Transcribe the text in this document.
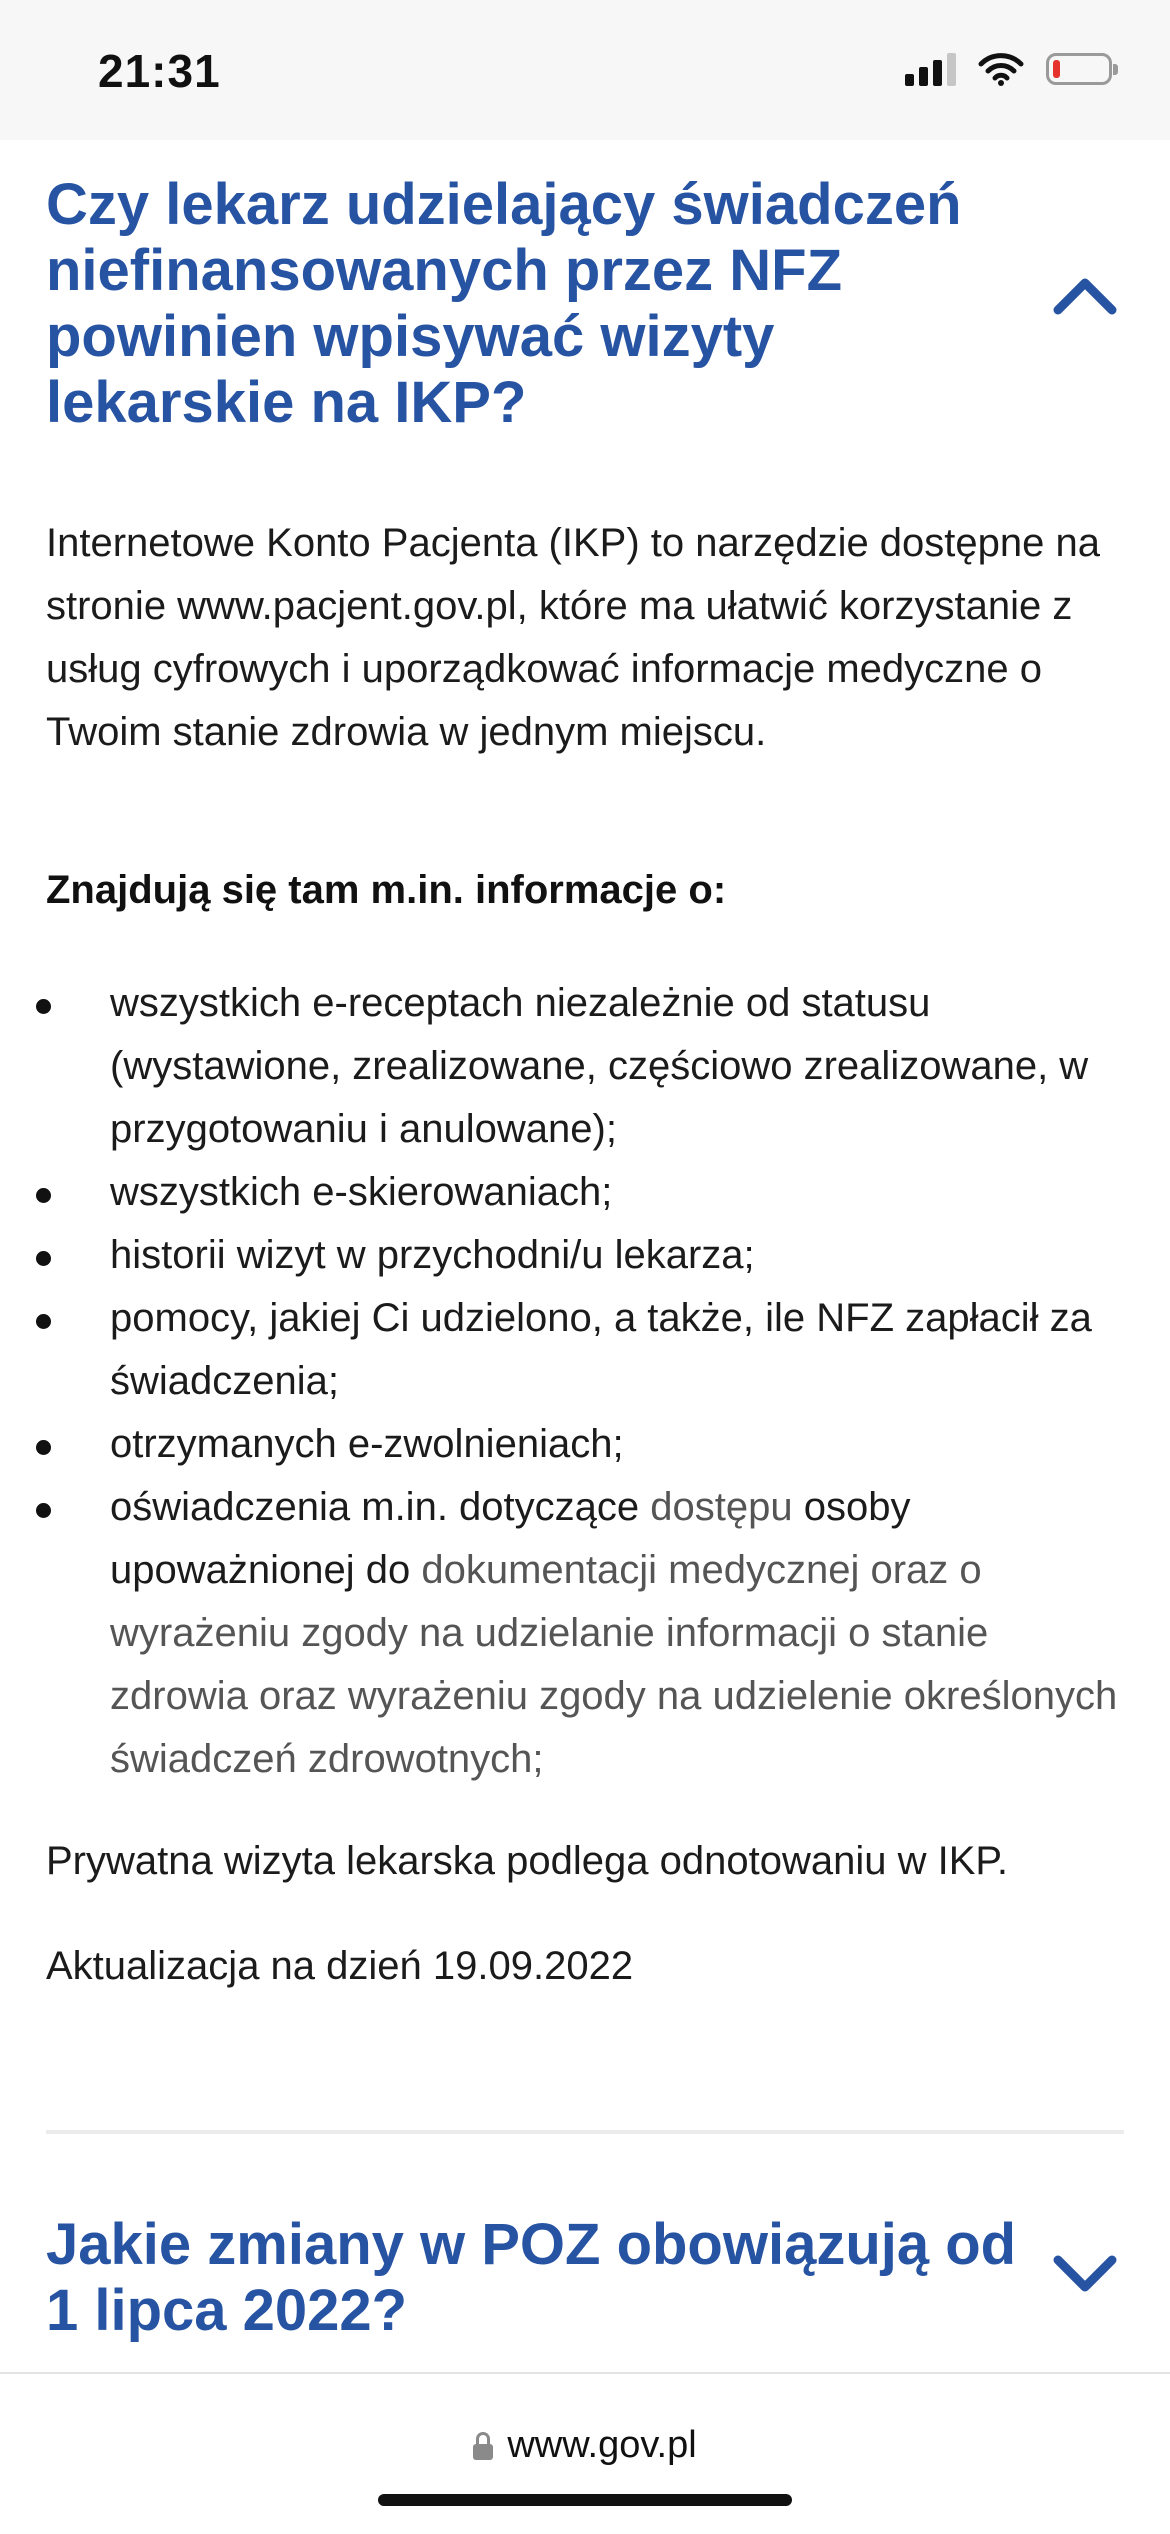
21:31
Czy lekarz udzielający świadczeń niefinansowanych przez NFZ powinien wpisywać wizyty lekarskie na IKP?

Internetowe Konto Pacjenta (IKP) to narzędzie dostępne na stronie www.pacjent.gov.pl, które ma ułatwić korzystanie z usług cyfrowych i uporządkować informacje medyczne o Twoim stanie zdrowia w jednym miejscu.

Znajdują się tam m.in. informacje o:

wszystkich e-receptach niezależnie od statusu (wystawione, zrealizowane, częściowo zrealizowane, w przygotowaniu i anulowane);
wszystkich e-skierowaniach;
historii wizyt w przychodni/u lekarza;
pomocy, jakiej Ci udzielono, a także, ile NFZ zapłacił za świadczenia;
otrzymanych e-zwolnieniach;
oświadczenia m.in. dotyczące dostępu osoby upoważnionej do dokumentacji medycznej oraz o wyrażeniu zgody na udzielanie informacji o stanie zdrowia oraz wyrażeniu zgody na udzielenie określonych świadczeń zdrowotnych;

Prywatna wizyta lekarska podlega odnotowaniu w IKP.

Aktualizacja na dzień 19.09.2022

Jakie zmiany w POZ obowiązują od 1 lipca 2022?
www.gov.pl
